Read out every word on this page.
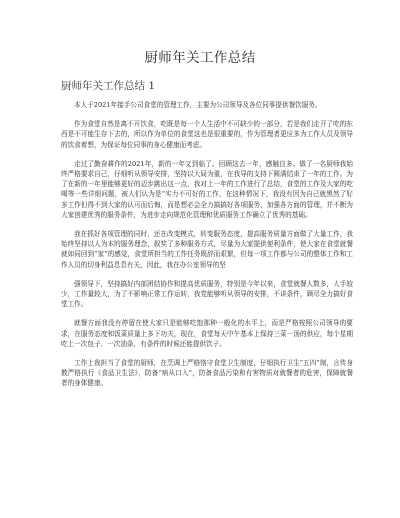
厨师年关工作总结
厨师年关工作总结 1

本人于2021年接手公司食堂的管理工作，主要为公司领导及各位同事提供餐饮服务。

作为食堂自然是离不开饮食，吃既是每一个人生活中不可缺少的一部分，若是我们走开了吃的东西是不可能生存下去的，所以作为单位的食堂这也是很重要的，作为管理者更应多为工作人员及领导的饮食着想，为保证每位同事的身心健康而考虑。

走过了勤奋耕作的2021年，新的一年又到临了。回顾这去一年，感触良多。做了一名厨师我始终严格要求自己，仔细听从领导安排，坚持以大局为重，在我导的支持下圆满结束了一年的工作。为了在新的一年里能够更好的迈步跳出这一点，我对上一年的工作进行了总结，食堂的工作及大家的吃喝等一些详细问题，被人们认为是“实力不可好的工作，在这种情况下，我没有因为自己就黑然了好多工作但得不到大家的认可而后悔，而是想必会全力搞搞好各项服务，加强各方面的管理，并不断为大家创建优秀的服务条件，为进步走向规范化管理和优质服务工作确立了优秀的基础。

我在抓好各项管理的同时，还在改变模式，转变服务态度，提高服务质量方面做了大量工作，我始终坚持以人为本的服务理念，叙奖了多种服务方式，尽量为大家提供便利条件，使大家在食堂就餐就如同回到“家”的感觉，食堂所担当的工作任务既辞而艰繁，但每一项工作都与公司的整体工作和工作人员的切身利益息息有关，因此，我在办公室领导的坚

强领导下，坚持搞好内部团结协作和提高优质服务，特别是今年以来，食堂就餐人数多，人手较少，工作量较大，为了不影响正常工作运转，我党能够听从领导的安排，不讲条件，顾尽全力搞好食堂工作。

就餐方面我没有停留在使大家只是能够吃饱那种一般化的水平上，而是严格按照公司领导的要求，在服务态度和饭菜质量上多下功夫，现在，食堂每天中午基本上保持三菜一汤的供应，每个星期吃上一次包子、一次油条，有条件的时候还能提供饮子。

工作上我担当了食堂的厨师，在烹调上严格恪守食堂卫生制度，仔细执行卫生“五四”制，言传身教严格执行《食品卫生法》，防备“病从口入”，防备食品污染和有害物质对就餐者的危害，保障就餐者的身体健康。
